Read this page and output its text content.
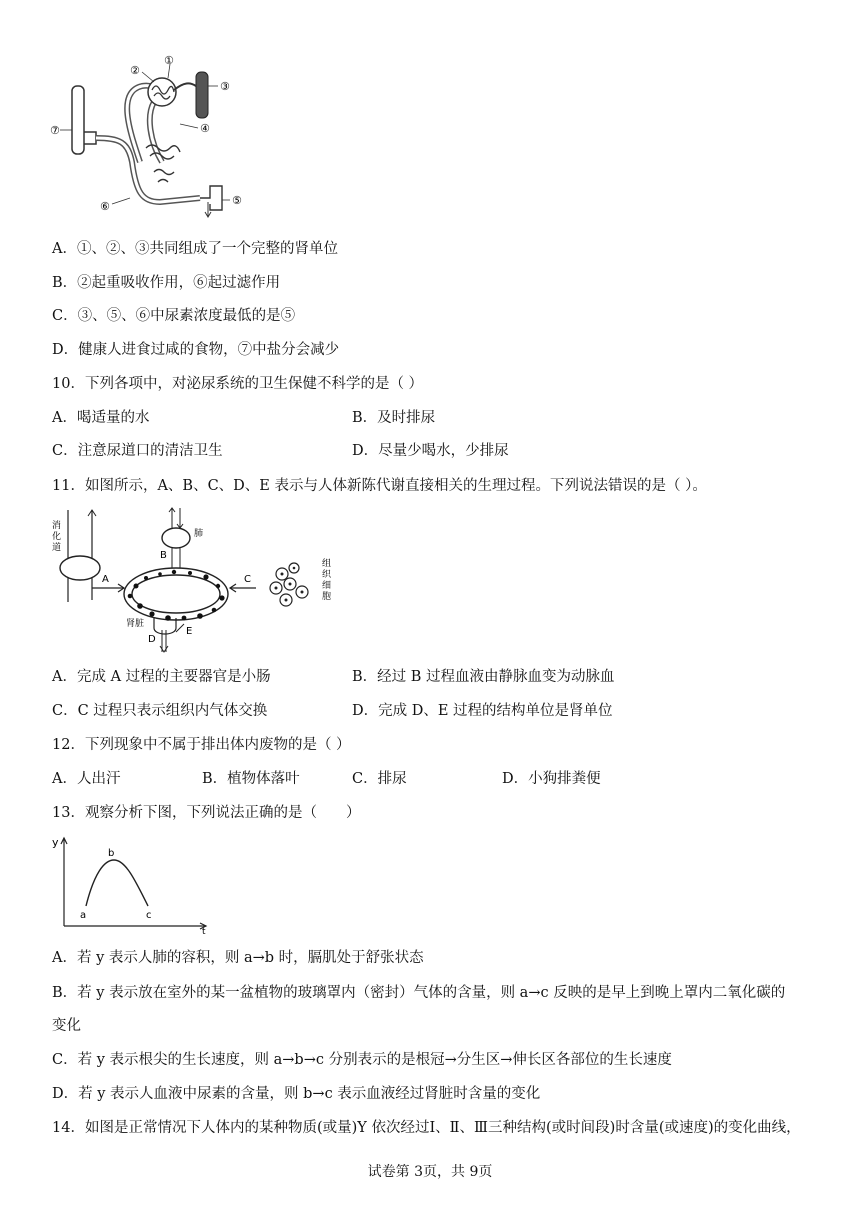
①
②
③
④
⑤
⑥
⑦
A．①、②、③共同组成了一个完整的肾单位
B．②起重吸收作用，⑥起过滤作用
C．③、⑤、⑥中尿素浓度最低的是⑤
D．健康人进食过咸的食物，⑦中盐分会减少
10．下列各项中，对泌尿系统的卫生保健不科学的是（ ）
A．喝适量的水	B．及时排尿
C．注意尿道口的清洁卫生	D．尽量少喝水，少排尿
11．如图所示，A、B、C、D、E 表示与人体新陈代谢直接相关的生理过程。下列说法错误的是（ ）。
消
化
道
A
肺
B
C
组
织
细
胞
肾脏
D
E
A．完成 A 过程的主要器官是小肠	B．经过 B 过程血液由静脉血变为动脉血
C．C 过程只表示组织内气体交换	D．完成 D、E 过程的结构单位是肾单位
12．下列现象中不属于排出体内废物的是（ ）
A．人出汗	B．植物体落叶	C．排尿	D．小狗排粪便
13．观察分析下图，下列说法正确的是（　　）
y
t
a
b
c
A．若 y 表示人肺的容积，则 a→b 时，膈肌处于舒张状态
B．若 y 表示放在室外的某一盆植物的玻璃罩内（密封）气体的含量，则 a→c 反映的是早上到晚上罩内二氧化碳的
变化
C．若 y 表示根尖的生长速度，则 a→b→c 分别表示的是根冠→分生区→伸长区各部位的生长速度
D．若 y 表示人血液中尿素的含量，则 b→c 表示血液经过肾脏时含量的变化
14．如图是正常情况下人体内的某种物质(或量)Y 依次经过Ⅰ、Ⅱ、Ⅲ三种结构(或时间段)时含量(或速度)的变化曲线，
试卷第 3页，共 9页
